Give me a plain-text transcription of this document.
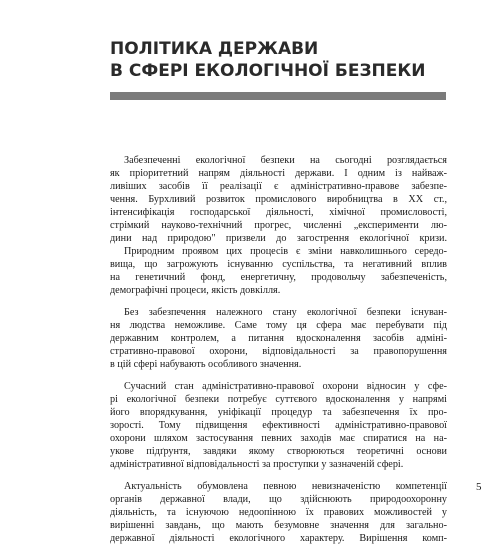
ПОЛІТИКА ДЕРЖАВИ
В СФЕРІ ЕКОЛОГІЧНОЇ БЕЗПЕКИ
Забезпеченні екологічної безпеки на сьогодні розглядається
як пріоритетний напрям діяльності держави. І одним із найваж-
ливіших засобів її реалізації є адміністративно-правове забезпе-
чення. Бурхливий розвиток промислового виробництва в ХХ ст.,
інтенсифікація господарської діяльності, хімічної промисловості,
стрімкий науково-технічний прогрес, численні „експерименти лю-
дини над природою" призвели до загострення екологічної кризи.
Природним проявом цих процесів є зміни навколишнього середо-
вища, що загрожують існуванню суспільства, та негативний вплив
на генетичний фонд, енергетичну, продовольчу забезпеченість,
демографічні процеси, якість довкілля.
Без забезпечення належного стану екологічної безпеки існуван-
ня людства неможливе. Саме тому ця сфера має перебувати під
державним контролем, а питання вдосконалення засобів адміні-
стративно-правової охорони, відповідальності за правопорушення
в цій сфері набувають особливого значення.
Сучасний стан адміністративно-правової охорони відносин у сфе-
рі екологічної безпеки потребує суттєвого вдосконалення у напрямі
його впорядкування, уніфікації процедур та забезпечення їх про-
зорості. Тому підвищення ефективності адміністративно-правової
охорони шляхом застосування певних заходів має спиратися на на-
укове підґрунтя, завдяки якому створюються теоретичні основи
адміністративної відповідальності за проступки у зазначеній сфері.
Актуальність обумовлена певною невизначеністю компетенції
органів державної влади, що здійснюють природоохоронну
діяльність, та існуючою недоопінною їх правових можливостей у
вирішенні завдань, що мають безумовне значення для загально-
державної діяльності екологічного характеру. Вирішення комп-
5
